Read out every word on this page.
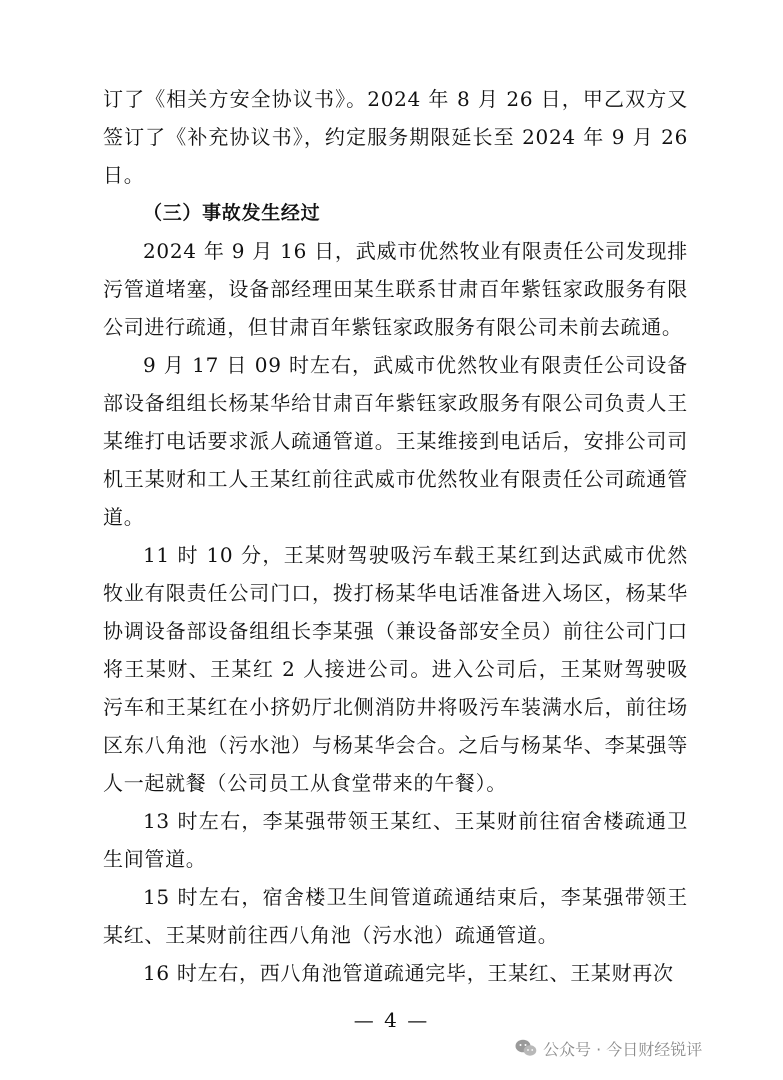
订了《相关方安全协议书》。2024 年 8 月 26 日，甲乙双方又签订了《补充协议书》，约定服务期限延长至 2024 年 9 月 26 日。

（三）事故发生经过

2024 年 9 月 16 日，武威市优然牧业有限责任公司发现排污管道堵塞，设备部经理田某生联系甘肃百年紫钰家政服务有限公司进行疏通，但甘肃百年紫钰家政服务有限公司未前去疏通。

9 月 17 日 09 时左右，武威市优然牧业有限责任公司设备部设备组组长杨某华给甘肃百年紫钰家政服务有限公司负责人王某维打电话要求派人疏通管道。王某维接到电话后，安排公司司机王某财和工人王某红前往武威市优然牧业有限责任公司疏通管道。

11 时 10 分，王某财驾驶吸污车载王某红到达武威市优然牧业有限责任公司门口，拨打杨某华电话准备进入场区，杨某华协调设备部设备组组长李某强（兼设备部安全员）前往公司门口将王某财、王某红 2 人接进公司。进入公司后，王某财驾驶吸污车和王某红在小挤奶厅北侧消防井将吸污车装满水后，前往场区东八角池（污水池）与杨某华会合。之后与杨某华、李某强等人一起就餐（公司员工从食堂带来的午餐）。

13 时左右，李某强带领王某红、王某财前往宿舍楼疏通卫生间管道。

15 时左右，宿舍楼卫生间管道疏通结束后，李某强带领王某红、王某财前往西八角池（污水池）疏通管道。

16 时左右，西八角池管道疏通完毕，王某红、王某财再次

— 4 —
公众号 · 今日财经锐评
